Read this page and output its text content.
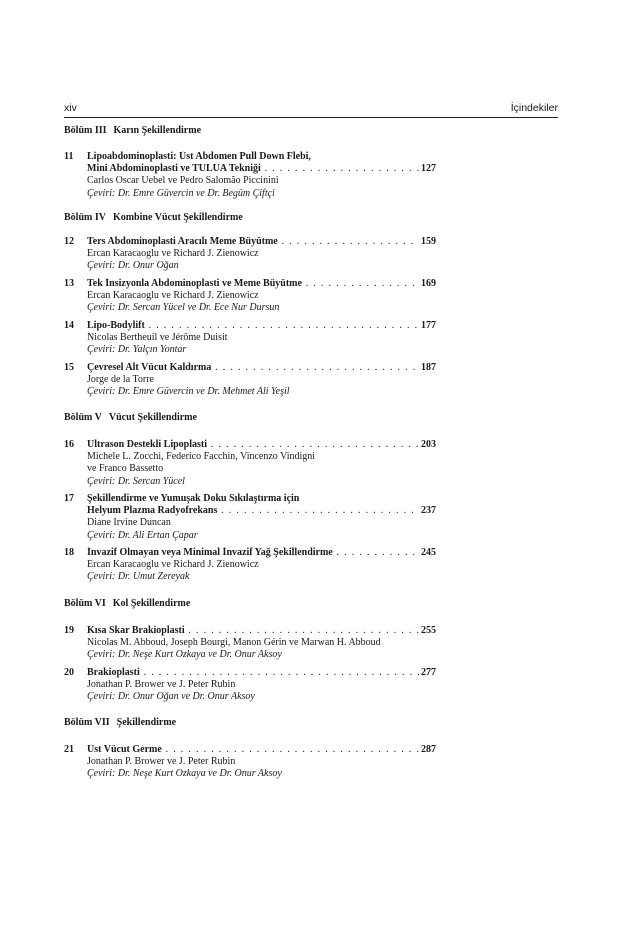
xiv	İçindekiler
Bölüm III Karın Şekillendirme
11 Lipoabdominoplasti: Üst Abdomen Pull Down Flebi,
Mini Abdominoplasti ve TULUA Tekniği	127
. . .
Carlos Oscar Uebel ve Pedro Salomão Piccinini
Çeviri: Dr. Emre Güvercin ve Dr. Begüm Çiftçi
Bölüm IV Kombine Vücut Şekillendirme
12 Ters Abdominoplasti Aracılı Meme Büyütme	159
. . .
Ercan Karacaoglu ve Richard J. Zienowicz
Çeviri: Dr. Onur Oğan
13 Tek İnsizyonla Abdominoplasti ve Meme Büyütme	169
. . .
Ercan Karacaoglu ve Richard J. Zienowicz
Çeviri: Dr. Sercan Yücel ve Dr. Ece Nur Dursun
14 Lipo-Bodylift	177
. . .
Nicolas Bertheuil ve Jérôme Duisit
Çeviri: Dr. Yalçın Yontar
15 Çevresel Alt Vücut Kaldırma	187
. . .
Jorge de la Torre
Çeviri: Dr. Emre Güvercin ve Dr. Mehmet Ali Yeşil
Bölüm V Vücut Şekillendirme
16 Ultrason Destekli Lipoplasti	203
. . .
Michele L. Zocchi, Federico Facchin, Vincenzo Vindigni
ve Franco Bassetto
Çeviri: Dr. Sercan Yücel
17 Şekillendirme ve Yumuşak Doku Sıkılaştırma için
Helyum Plazma Radyofrekans	237
. . .
Diane Irvine Duncan
Çeviri: Dr. Ali Ertan Çapar
18 İnvazif Olmayan veya Minimal İnvazif Yağ Şekillendirme	245
. . .
Ercan Karacaoglu ve Richard J. Zienowicz
Çeviri: Dr. Umut Zereyak
Bölüm VI Kol Şekillendirme
19 Kısa Skar Brakioplasti	255
. . .
Nicolas M. Abboud, Joseph Bourgi, Manon Gérin ve Marwan H. Abboud
Çeviri: Dr. Neşe Kurt Özkaya ve Dr. Onur Aksoy
20 Brakioplasti	277
. . .
Jonathan P. Brower ve J. Peter Rubin
Çeviri: Dr. Onur Oğan ve Dr. Onur Aksoy
Bölüm VII Şekillendirme
21 Üst Vücut Germe	287
. . .
Jonathan P. Brower ve J. Peter Rubin
Çeviri: Dr. Neşe Kurt Özkaya ve Dr. Onur Aksoy
